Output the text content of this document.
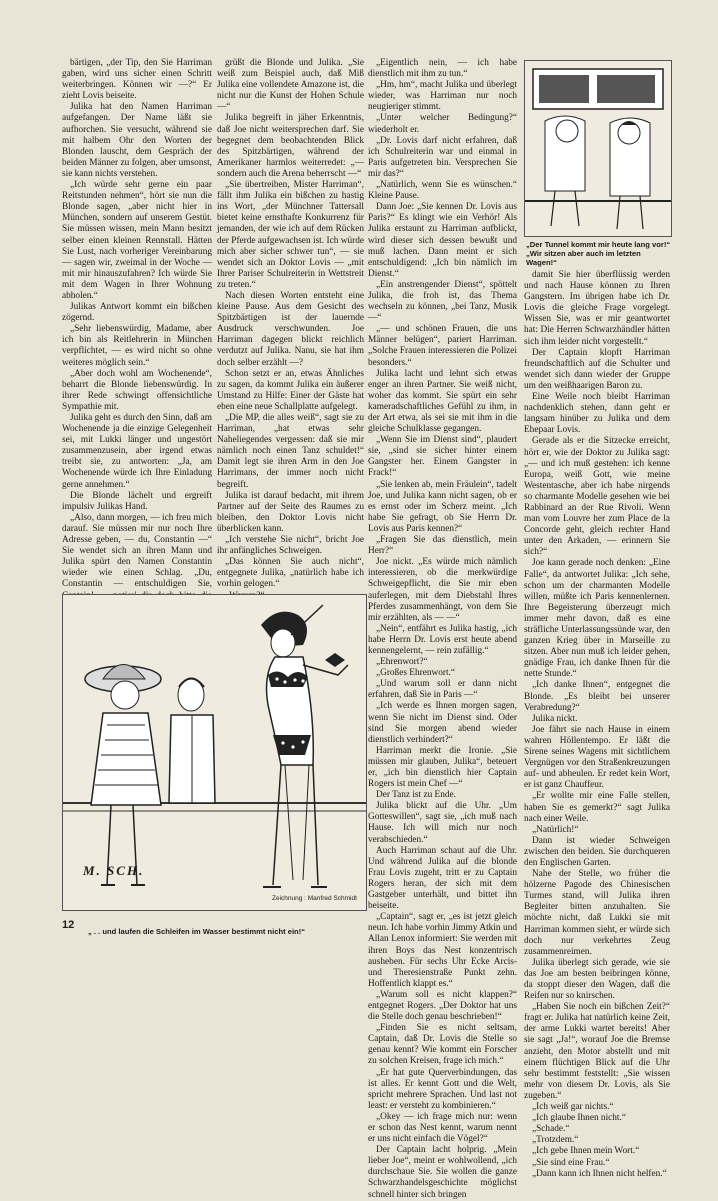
bärtigen, „der Tip, den Sie Harriman gaben, wird uns sicher einen Schritt weiterbringen. Können wir —?“ Er zieht Lovis beiseite.

Julika hat den Namen Harriman aufgefangen. Der Name läßt sie aufhorchen. Sie versucht, während sie mit halbem Ohr den Worten der Blonden lauscht, dem Gespräch der beiden Männer zu folgen, aber umsonst, sie kann nichts verstehen.

„Ich würde sehr gerne ein paar Reitstunden nehmen“, hört sie nun die Blonde sagen, „aber nicht hier in München, sondern auf unserem Gestüt. Sie müssen wissen, mein Mann besitzt selber einen kleinen Rennstall. Hätten Sie Lust, nach vorheriger Vereinbarung — sagen wir, zweimal in der Woche — mit mir hinauszufahren? Ich würde Sie mit dem Wagen in Ihrer Wohnung abholen.“

Julikas Antwort kommt ein bißchen zögernd.

„Sehr liebenswürdig, Madame, aber ich bin als Reitlehrerin in München verpflichtet, — es wird nicht so ohne weiteres möglich sein.“

„Aber doch wohl am Wochenende“, beharrt die Blonde liebenswürdig. In ihrer Rede schwingt offensichtliche Sympathie mit.

Julika geht es durch den Sinn, daß am Wochenende ja die einzige Gelegenheit sei, mit Lukki länger und ungestört zusammenzusein, aber irgend etwas treibt sie, zu antworten: „Ja, am Wochenende würde ich Ihre Einladung gerne annehmen.“

Die Blonde lächelt und ergreift impulsiv Julikas Hand.

„Also, dann morgen, — ich freu mich darauf. Sie müssen mir nur noch Ihre Adresse geben, — du, Constantin —“ Sie wendet sich an ihren Mann und Julika spürt den Namen Constantin wieder wie einen Schlag. „Du, Constantin — entschuldigen Sie,

grüßt die Blonde und Julika. „Sie weiß zum Beispiel auch, daß Miß Julika eine vollendete Amazone ist, die nicht nur die Kunst der Hohen Schule —“

Julika begreift in jäher Erkenntnis, daß Joe nicht weitersprechen darf. Sie begegnet dem beobachtenden Blick des Spitzbärtigen, während der Amerikaner harmlos weiterredet: „— sondern auch die Arena beherrscht —“

„Sie übertreiben, Mister Harriman“, fällt ihm Julika ein bißchen zu hastig ins Wort, „der Münchner Tattersall bietet keine ernsthafte Konkurrenz für jemanden, der wie ich auf dem Rücken der Pferde aufgewachsen ist. Ich würde mich aber sicher schwer tun“, — sie wendet sich an Doktor Lovis — „mit Ihrer Pariser Schulreiterin in Wettstreit zu treten.“

Nach diesen Worten entsteht eine kleine Pause. Aus dem Gesicht des Spitzbärtigen ist der lauernde Ausdruck verschwunden. Joe Harriman dagegen blickt reichlich verdutzt auf Julika. Nanu, sie hat ihm doch selber erzählt —?

Schon setzt er an, etwas Ähnliches zu sagen, da kommt Julika ein äußerer Umstand zu Hilfe: Einer der Gäste hat eben eine neue Schallplatte aufgelegt.

„Die MP, die alles weiß“, sagt sie zu Harriman, „hat etwas sehr Naheliegendes vergessen: daß sie mir nämlich noch einen Tanz schuldet!“ Damit legt sie ihren Arm in den Joe Harrimans, der immer noch nicht begreift.

Julika ist darauf bedacht, mit ihrem Partner auf der Seite des Raumes zu bleiben, den Doktor Lovis nicht überblicken kann.

„Ich verstehe Sie nicht“, bricht Joe ihr anfängliches Schweigen.

„Das können Sie auch nicht“, entgegnete Julika, „natürlich habe ich vorhin gelogen.“

„Eigentlich nein, — ich habe dienstlich mit ihm zu tun.“

„Hm, hm“, macht Julika und überlegt wieder, was Harriman nur noch neugieriger stimmt.

„Unter welcher Bedingung?“ wiederholt er.

„Dr. Lovis darf nicht erfahren, daß ich Schulreiterin war und einmal in Paris aufgetreten bin. Versprechen Sie mir das?“

„Natürlich, wenn Sie es wünschen.“ Kleine Pause.

Dann Joe: „Sie kennen Dr. Lovis aus Paris?“ Es klingt wie ein Verhör! Als Julika erstaunt zu Harriman aufblickt, wird dieser sich dessen bewußt und muß lachen. Dann meint er sich entschuldigend: „Ich bin nämlich im Dienst.“

„Ein anstrengender Dienst“, spöttelt Julika, die froh ist, das Thema wechseln zu können, „bei Tanz, Musik —“

„— und schönen Frauen, die uns Männer belügen“, pariert Harriman. „Solche Frauen interessieren die Polizei besonders.“

Julika lacht und lehnt sich etwas enger an ihren Partner. Sie weiß nicht, woher das kommt. Sie spürt ein sehr kameradschaftliches Gefühl zu ihm, in der Art etwa, als sei sie mit ihm in die gleiche Schulklasse gegangen.

„Wenn Sie im Dienst sind“, plaudert sie, „sind sie sicher hinter einem Gangster her. Einem Gangster in Frack!“

„Sie lenken ab, mein Fräulein“, tadelt Joe, und Julika kann nicht sagen, ob er es ernst oder im Scherz meint. „Ich habe Sie gefragt, ob Sie Herrn Dr. Lovis aus Paris kennen?“

„Fragen Sie das dienstlich, mein Herr?“

Joe nickt. „Es würde mich nämlich interessieren, ob die merkwürdige Schweigepflicht, die Sie mir eben auferlegen, mit dem Diebstahl Ihres Pferdes zusammenhängt, von dem Sie mir erzählten, als — —“

„Nein“, entfährt es Julika hastig, „ich habe Herrn Dr. Lovis erst heute abend kennengelernt, — rein zufällig.“

„Ehrenwort?“

„Großes Ehrenwort.“

„Und warum soll er dann nicht erfahren, daß Sie in Paris —“

„Ich werde es Ihnen morgen sagen, wenn Sie nicht im Dienst sind. Oder sind Sie morgen abend wieder dienstlich verhindert?“

Harriman merkt die Ironie. „Sie müssen mir glauben, Julika“, beteuert er, „ich bin dienstlich hier Captain Rogers ist mein Chef —“

Der Tanz ist zu Ende.

Julika blickt auf die Uhr. „Um Gotteswillen“, sagt sie, „ich muß nach Hause. Ich will mich nur noch verabschieden.“

Auch Harriman schaut auf die Uhr. Und während Julika auf die blonde Frau Lovis zugeht, tritt er zu Captain Rogers heran, der sich mit dem Gastgeber unterhält, und bittet ihn beiseite.

„Captain“, sagt er, „es ist jetzt gleich neun. Ich habe vorhin Jimmy Atkin und Allan Lenox informiert: Sie werden mit ihren Boys das Nest konzentrisch ausheben. Für sechs Uhr Ecke Arcis- und Theresienstraße Punkt zehn. Hoffentlich klappt es.“

„Warum soll es nicht klappen?“ entgegnet Rogers. „Der Doktor hat uns die Stelle doch genau beschrieben!“

„Finden Sie es nicht seltsam, Captain, daß Dr. Lovis die Stelle so genau kennt? Wie kommt ein Forscher zu solchen Kreisen, frage ich mich.“

„Er hat gute Querverbindungen, das ist alles. Er kennt Gott und die Welt, spricht mehrere Sprachen. Und last not least: er versteht zu kombinieren.“

„Okey — ich frage mich nur: wenn er schon das Nest kennt, warum nennt er uns nicht einfach die Vögel?“

Der Captain lacht holprig. „Mein lieber Joe“, meint er wohlwollend, „ich durchschaue Sie. Sie wollen die ganze Schwarzhandelsgeschichte möglichst schnell hinter sich bringen

damit Sie hier überflüssig werden und nach Hause können zu Ihren Gangstern. Im übrigen habe ich Dr. Lovis die gleiche Frage vorgelegt. Wissen Sie, was er mir geantwortet hat: Die Herren Schwarzhändler hätten sich ihm leider nicht vorgestellt.“

Der Captain klopft Harriman freundschaftlich auf die Schulter und wendet sich dann wieder der Gruppe um den weißhaarigen Baron zu.

Eine Weile noch bleibt Harriman nachdenklich stehen, dann geht er langsam hinüber zu Julika und dem Ehepaar Lovis.

Gerade als er die Sitzecke erreicht, hört er, wie der Doktor zu Julika sagt: „— und ich muß gestehen: ich kenne Europa, weiß Gott, wie meine Westentasche, aber ich habe nirgends so charmante Modelle gesehen wie bei Rabbinard an der Rue Rivoli. Wenn man vom Louvre her zum Place de la Concorde geht, gleich rechter Hand unter den Arkaden, — erinnern Sie sich?“

Joe kann gerade noch denken: „Eine Falle“, da antwortet Julika: „Ich sehe, schon um der charmanten Modelle willen, müßte ich Paris kennenlernen. Ihre Begeisterung überzeugt mich immer mehr davon, daß es eine sträfliche Unterlassungssünde war, den ganzen Krieg über in Marseille zu sitzen. Aber nun muß ich leider gehen, gnädige Frau, ich danke Ihnen für die nette Stunde.“

„Ich danke Ihnen“, entgegnet die Blonde. „Es bleibt bei unserer Verabredung?“

Julika nickt.

Joe fährt sie nach Hause in einem wahren Höllentempo. Er läßt die Sirene seines Wagens mit sichtlichem Vergnügen vor den Straßenkreuzungen auf- und abheulen. Er redet kein Wort, er ist ganz Chauffeur.

„Er wollte mir eine Falle stellen, haben Sie es gemerkt?“ sagt Julika nach einer Weile.

„Natürlich!“

Dann ist wieder Schweigen zwischen den beiden. Sie durchqueren den Englischen Garten.

Nahe der Stelle, wo früher die hölzerne Pagode des Chinesischen Turmes stand, will Julika ihren Begleiter bitten anzuhalten. Sie möchte nicht, daß Lukki sie mit Harriman kommen sieht, er würde sich doch nur verkehrtes Zeug zusammenreimen.

Julika überlegt sich gerade, wie sie das Joe am besten beibringen könne, da stoppt dieser den Wagen, daß die Reifen nur so knirschen.

„Haben Sie noch ein bißchen Zeit?“ fragt er. Julika hat natürlich keine Zeit, der arme Lukki wartet bereits! Aber sie sagt „Ja!“, worauf Joe die Bremse anzieht, den Motor abstellt und mit einem flüchtigen Blick auf die Uhr sehr bestimmt feststellt: „Sie wissen mehr von diesem Dr. Lovis, als Sie zugeben.“

„Ich weiß gar nichts.“

„Ich glaube Ihnen nicht.“

„Schade.“

„Trotzdem.“

„Ich gebe Ihnen mein Wort.“

„Sie sind eine Frau.“

„Dann kann ich Ihnen nicht helfen.“

M. SCH.
Zeichnung : Manfred Schmidt
„ . . und laufen die Schleifen im Wasser bestimmt nicht ein!“
12
„Der Tunnel kommt mir heute lang vor!“ „Wir sitzen aber auch im letzten Wagen!“
